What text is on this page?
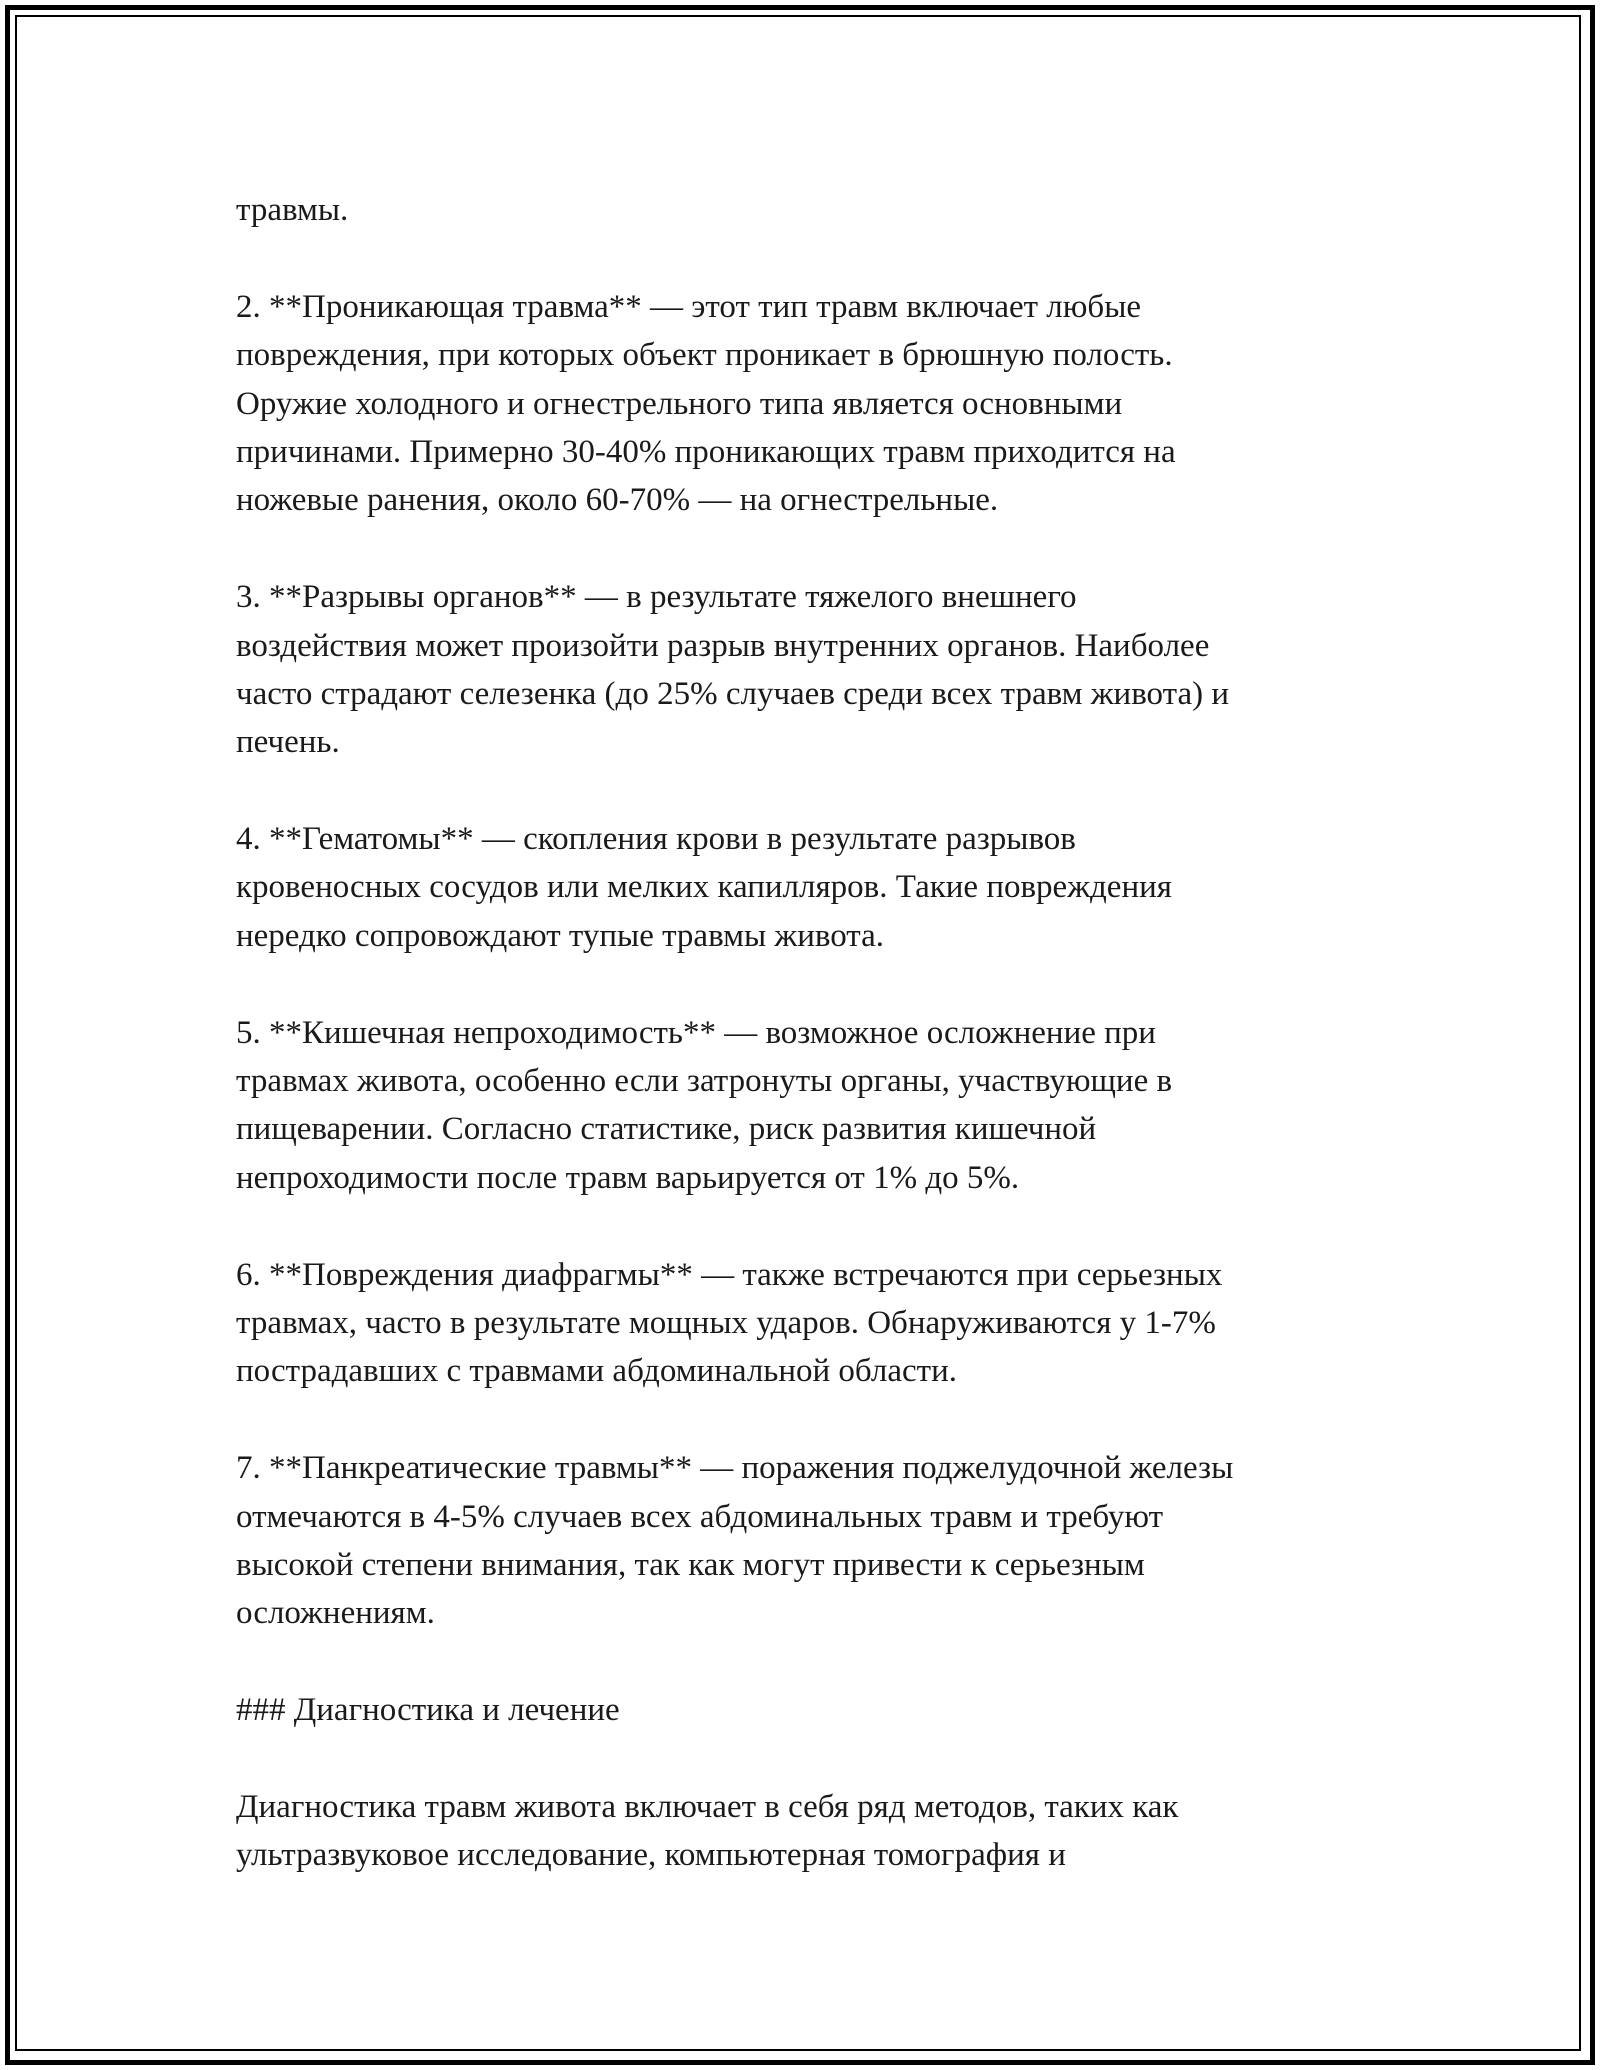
травмы.
2. **Проникающая травма** — этот тип травм включает любые
повреждения, при которых объект проникает в брюшную полость.
Оружие холодного и огнестрельного типа является основными
причинами. Примерно 30-40% проникающих травм приходится на
ножевые ранения, около 60-70% — на огнестрельные.
3. **Разрывы органов** — в результате тяжелого внешнего
воздействия может произойти разрыв внутренних органов. Наиболее
часто страдают селезенка (до 25% случаев среди всех травм живота) и
печень.
4. **Гематомы** — скопления крови в результате разрывов
кровеносных сосудов или мелких капилляров. Такие повреждения
нередко сопровождают тупые травмы живота.
5. **Кишечная непроходимость** — возможное осложнение при
травмах живота, особенно если затронуты органы, участвующие в
пищеварении. Согласно статистике, риск развития кишечной
непроходимости после травм варьируется от 1% до 5%.
6. **Повреждения диафрагмы** — также встречаются при серьезных
травмах, часто в результате мощных ударов. Обнаруживаются у 1-7%
пострадавших с травмами абдоминальной области.
7. **Панкреатические травмы** — поражения поджелудочной железы
отмечаются в 4-5% случаев всех абдоминальных травм и требуют
высокой степени внимания, так как могут привести к серьезным
осложнениям.
### Диагностика и лечение
Диагностика травм живота включает в себя ряд методов, таких как
ультразвуковое исследование, компьютерная томография и
